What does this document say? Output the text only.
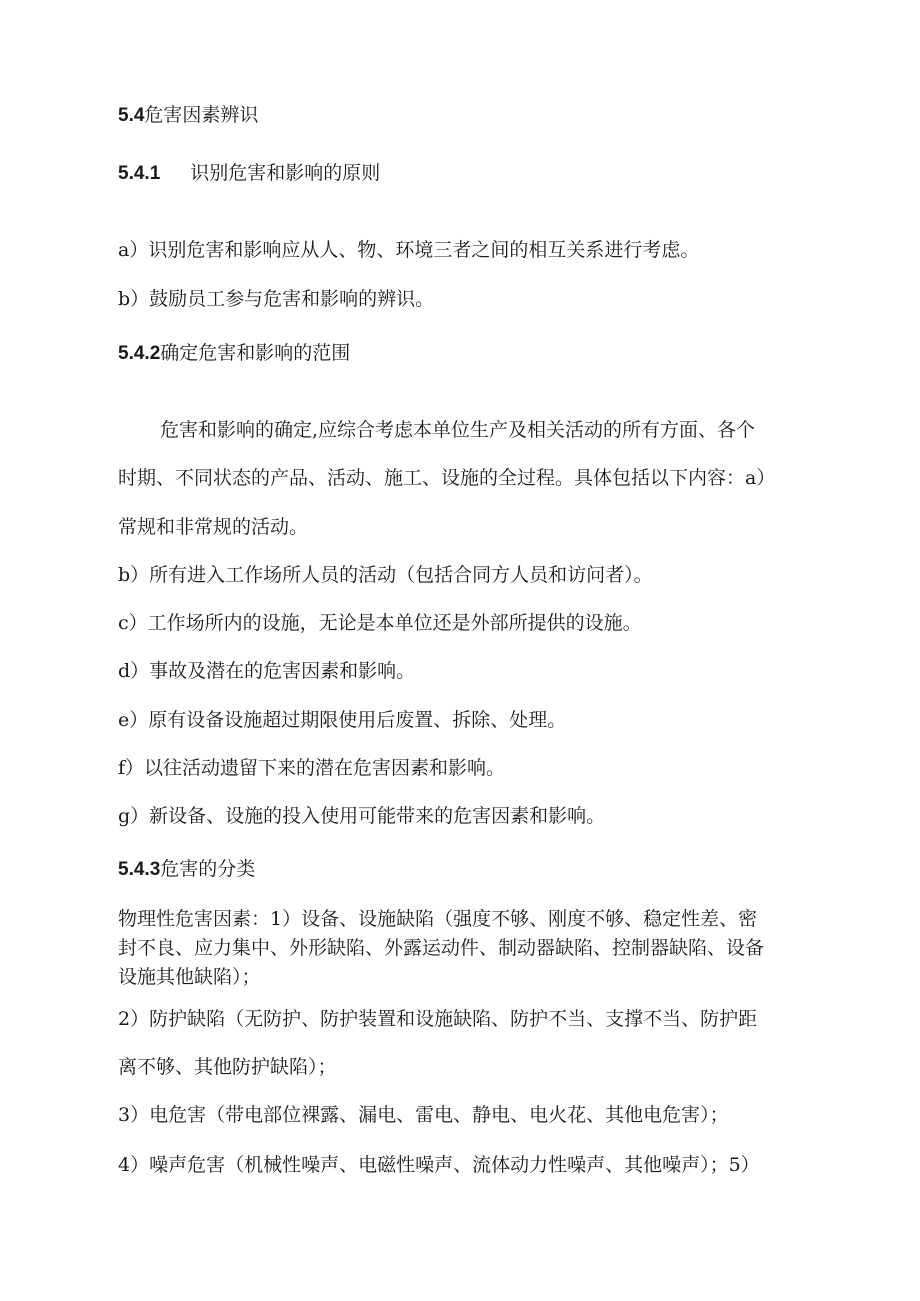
5.4危害因素辨识
5.4.1 识别危害和影响的原则
a）识别危害和影响应从人、物、环境三者之间的相互关系进行考虑。
b）鼓励员工参与危害和影响的辨识。
5.4.2确定危害和影响的范围
危害和影响的确定,应综合考虑本单位生产及相关活动的所有方面、各个
时期、不同状态的产品、活动、施工、设施的全过程。具体包括以下内容：a）
常规和非常规的活动。
b）所有进入工作场所人员的活动（包括合同方人员和访问者）。
c）工作场所内的设施，无论是本单位还是外部所提供的设施。
d）事故及潜在的危害因素和影响。
e）原有设备设施超过期限使用后废置、拆除、处理。
f）以往活动遗留下来的潜在危害因素和影响。
g）新设备、设施的投入使用可能带来的危害因素和影响。
5.4.3危害的分类
物理性危害因素：1）设备、设施缺陷（强度不够、刚度不够、稳定性差、密
封不良、应力集中、外形缺陷、外露运动件、制动器缺陷、控制器缺陷、设备
设施其他缺陷）；
2）防护缺陷（无防护、防护装置和设施缺陷、防护不当、支撑不当、防护距
离不够、其他防护缺陷）；
3）电危害（带电部位裸露、漏电、雷电、静电、电火花、其他电危害）；
4）噪声危害（机械性噪声、电磁性噪声、流体动力性噪声、其他噪声）；5）
